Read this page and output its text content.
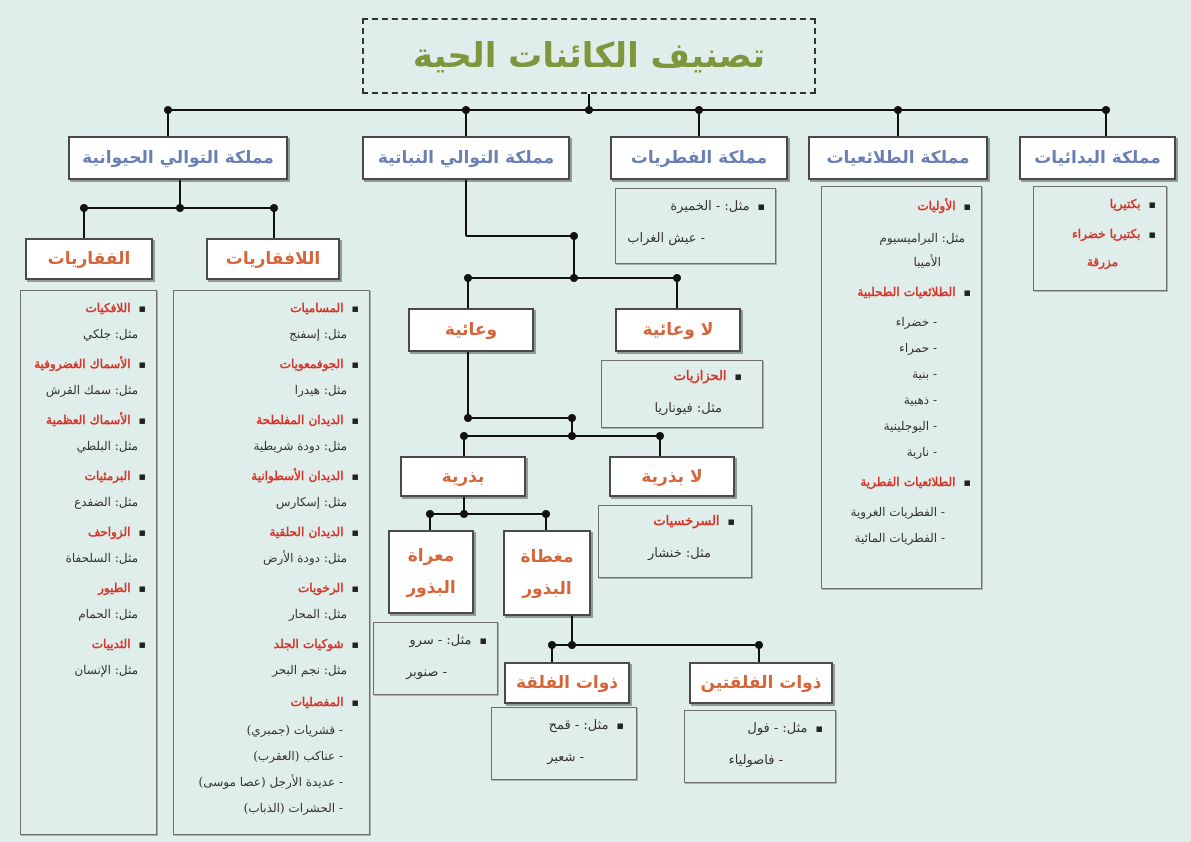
تصنيف الكائنات الحية
مملكة التوالي الحيوانية	مملكة التوالي النباتية	مملكة الفطريات	مملكة الطلائعيات	مملكة البدائيات
الفقاريات	اللافقاريات
وعائية	لا وعائية
بذرية	لا بذرية
معراة البذور
مغطاة البذور
ذوات الفلقة	ذوات الفلقتين
▪ بكتيريا
▪ بكتيريا خضراء
مزرقة
▪ الأوليات
مثل: البراميسيوم
الأميبا
▪ الطلائعيات الطحلبية
- خضراء
- حمراء
- بنية
- ذهبية
- اليوجلينية
- نارية
▪ الطلائعيات الفطرية
- الفطريات الغروية
- الفطريات المائية
▪ مثل: - الخميرة
- عيش الغراب
▪ الحزازيات
مثل: فيوناريا
▪ السرخسيات
مثل: خنشار
▪ مثل: - سرو
- صنوبر
▪ مثل: - قمح
- شعير
▪ مثل: - فول
- فاصولياء
▪ المساميات
مثل: إسفنج
▪ الجوفمعويات
مثل: هيدرا
▪ الديدان المفلطحة
مثل: دودة شريطية
▪ الديدان الأسطوانية
مثل: إسكارس
▪ الديدان الحلقية
مثل: دودة الأرض
▪ الرخويات
مثل: المحار
▪ شوكيات الجلد
مثل: نجم البحر
▪ المفصليات
- قشريات (جمبري)
- عناكب (العقرب)
- عديدة الأرجل (عصا موسى)
- الحشرات (الذباب)
▪ اللافكيات
مثل: جلكي
▪ الأسماك الغضروفية
مثل: سمك القرش
▪ الأسماك العظمية
مثل: البلطي
▪ البرمئيات
مثل: الضفدع
▪ الزواحف
مثل: السلحفاة
▪ الطيور
مثل: الحمام
▪ الثدييات
مثل: الإنسان
